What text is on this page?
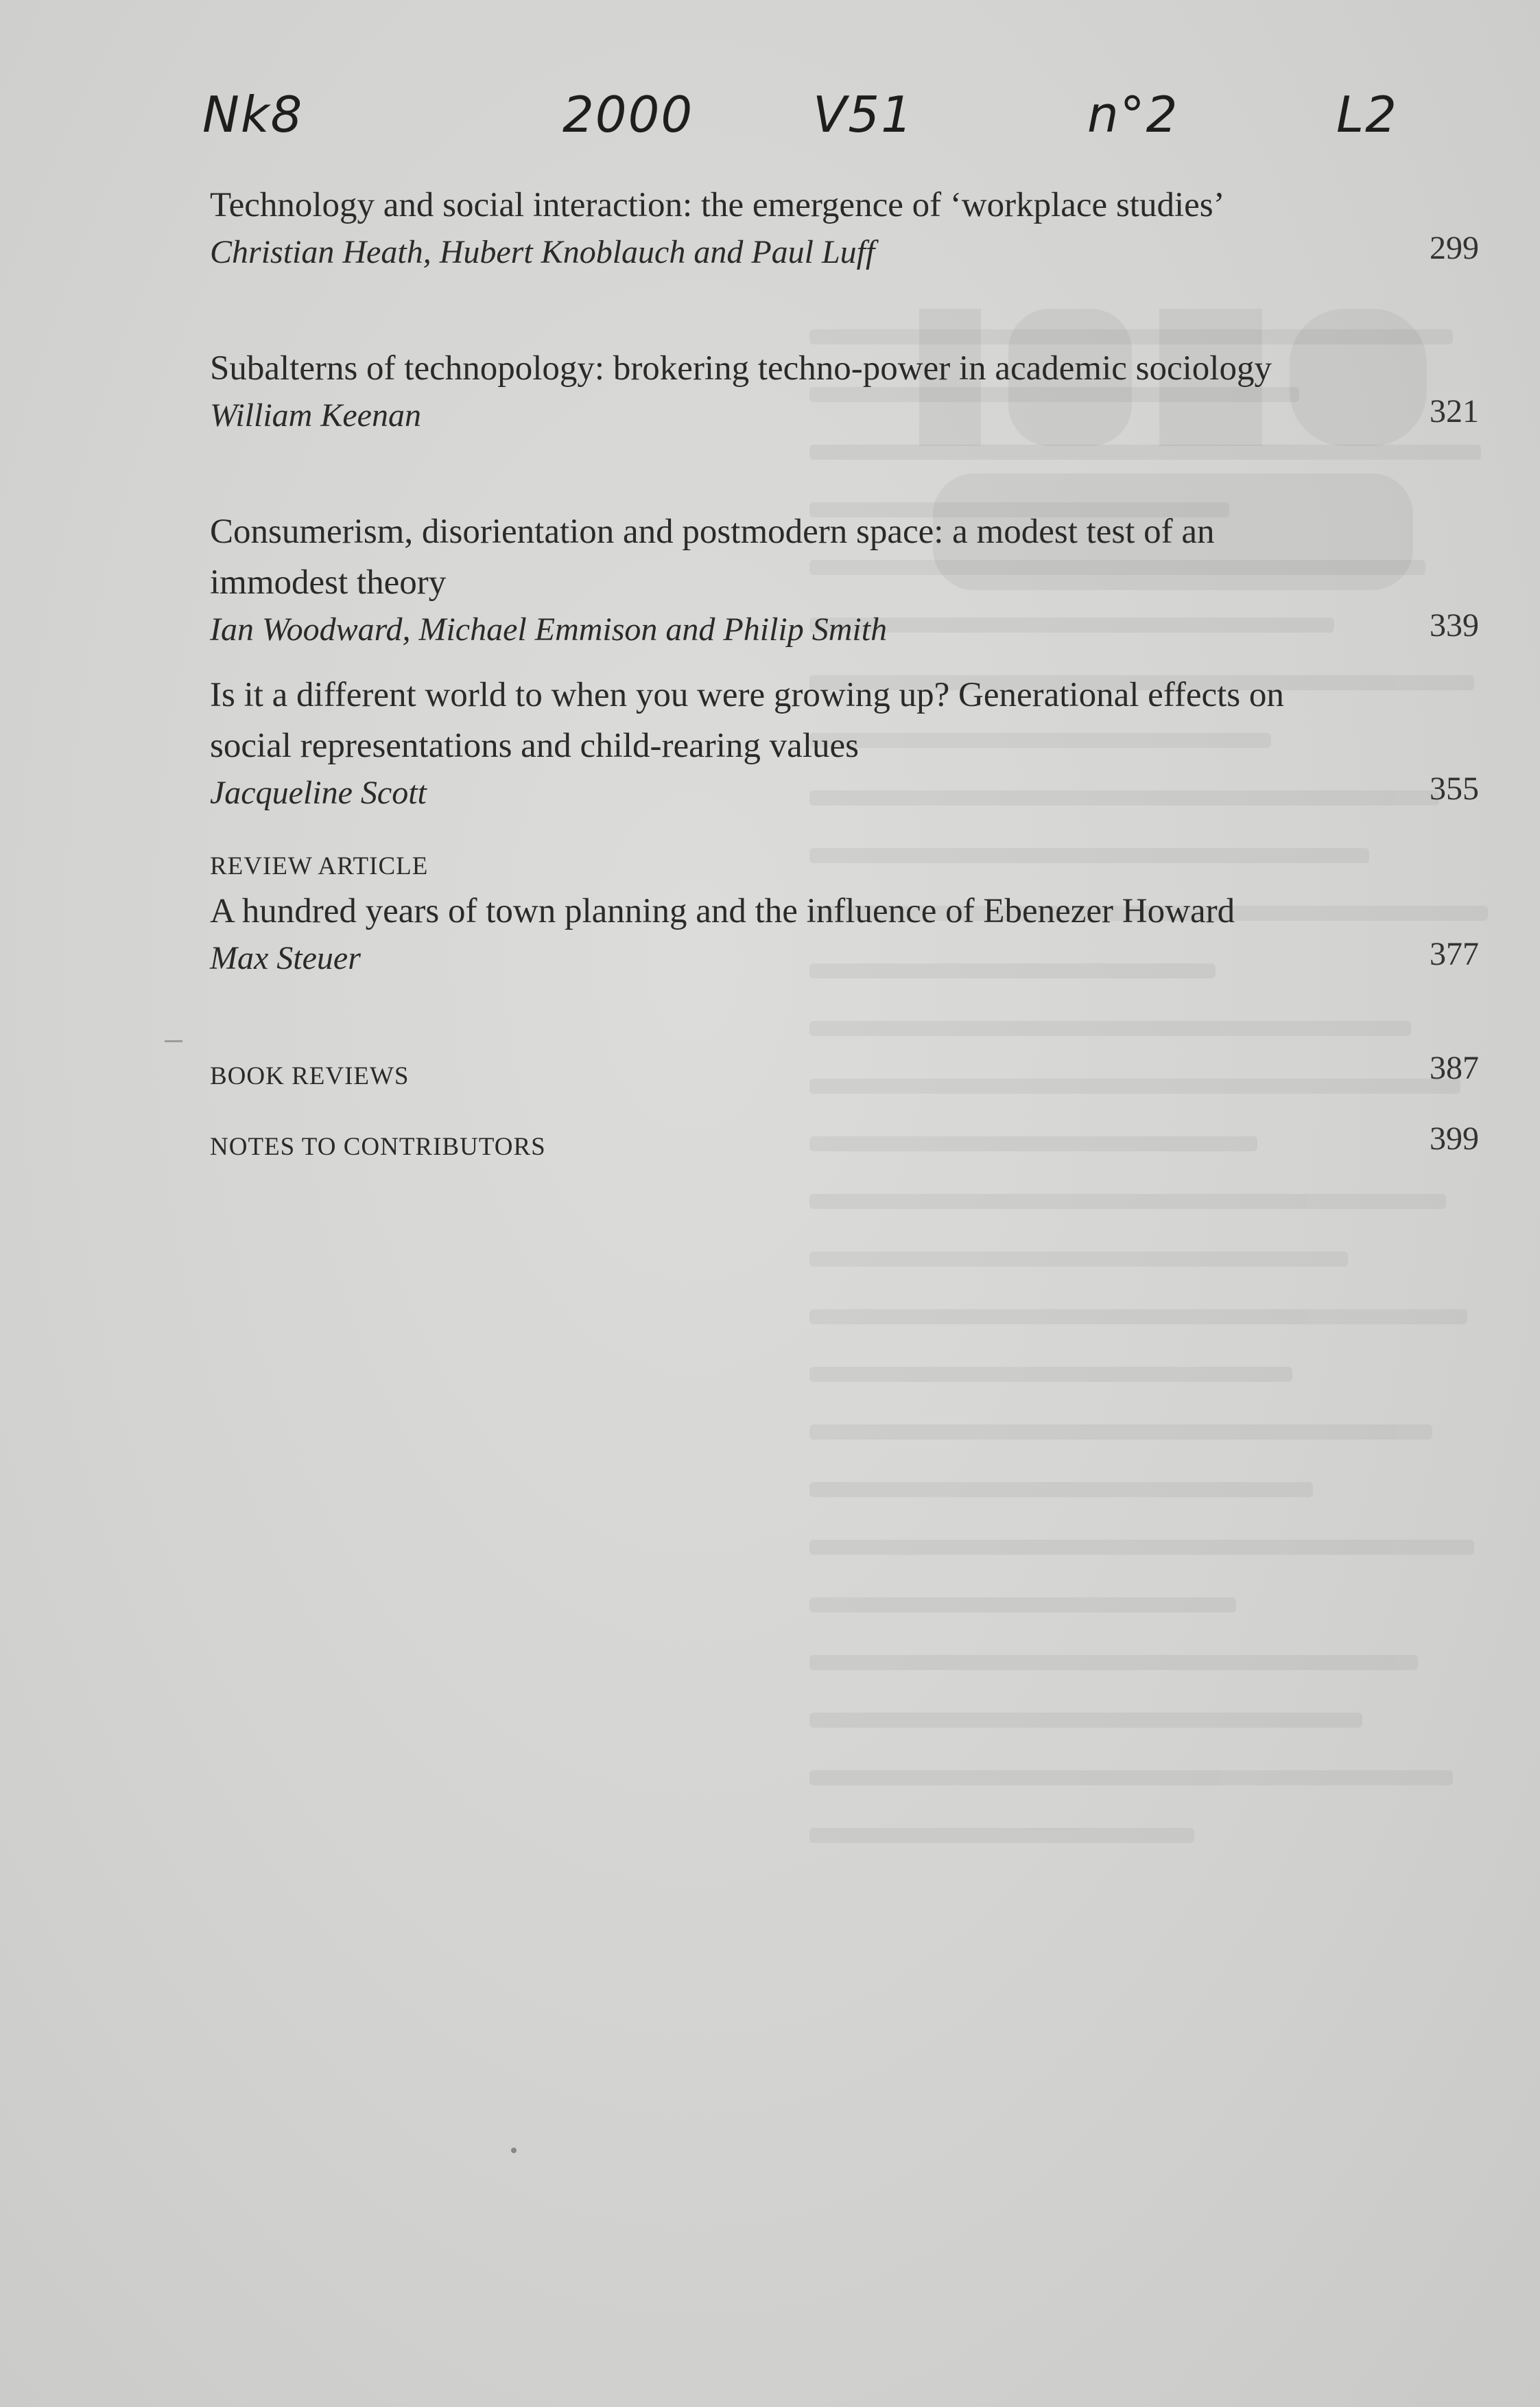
Nk8	2000 V51	n°2	L2
Technology and social interaction: the emergence of ‘workplace studies’
Christian Heath, Hubert Knoblauch and Paul Luff	299
Subalterns of technopology: brokering techno-power in academic sociology
William Keenan	321
Consumerism, disorientation and postmodern space: a modest test of an immodest theory
Ian Woodward, Michael Emmison and Philip Smith	339
Is it a different world to when you were growing up? Generational effects on social representations and child-rearing values
Jacqueline Scott	355
REVIEW ARTICLE
A hundred years of town planning and the influence of Ebenezer Howard
Max Steuer	377
BOOK REVIEWS	387
NOTES TO CONTRIBUTORS	399
